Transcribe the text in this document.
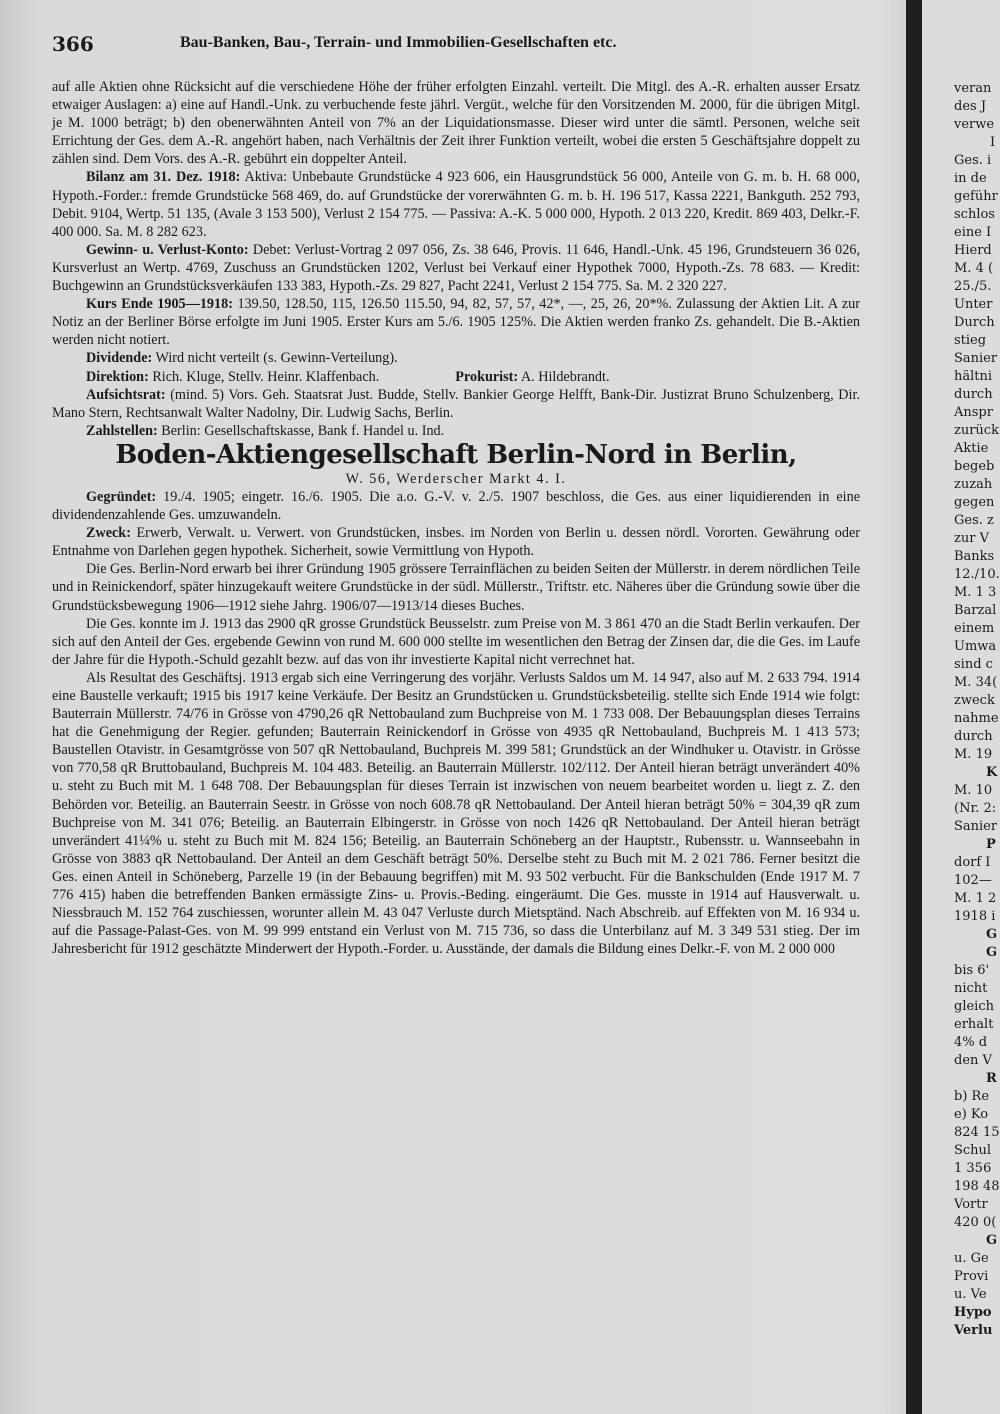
366	Bau-Banken, Bau-, Terrain- und Immobilien-Gesellschaften etc.

auf alle Aktien ohne Rücksicht auf die verschiedene Höhe der früher erfolgten Einzahl. verteilt. Die Mitgl. des A.-R. erhalten ausser Ersatz etwaiger Auslagen: a) eine auf Handl.-Unk. zu verbuchende feste jährl. Vergüt., welche für den Vorsitzenden M. 2000, für die übrigen Mitgl. je M. 1000 beträgt; b) den obenerwähnten Anteil von 7% an der Liquidationsmasse. Dieser wird unter die sämtl. Personen, welche seit Errichtung der Ges. dem A.-R. angehört haben, nach Verhältnis der Zeit ihrer Funktion verteilt, wobei die ersten 5 Geschäftsjahre doppelt zu zählen sind. Dem Vors. des A.-R. gebührt ein doppelter Anteil.

Bilanz am 31. Dez. 1918: Aktiva: Unbebaute Grundstücke 4 923 606, ein Hausgrundstück 56 000, Anteile von G. m. b. H. 68 000, Hypoth.-Forder.: fremde Grundstücke 568 469, do. auf Grundstücke der vorerwähnten G. m. b. H. 196 517, Kassa 2221, Bankguth. 252 793, Debit. 9104, Wertp. 51 135, (Avale 3 153 500), Verlust 2 154 775. — Passiva: A.-K. 5 000 000, Hypoth. 2 013 220, Kredit. 869 403, Delkr.-F. 400 000. Sa. M. 8 282 623.

Gewinn- u. Verlust-Konto: Debet: Verlust-Vortrag 2 097 056, Zs. 38 646, Provis. 11 646, Handl.-Unk. 45 196, Grundsteuern 36 026, Kursverlust an Wertp. 4769, Zuschuss an Grundstücken 1202, Verlust bei Verkauf einer Hypothek 7000, Hypoth.-Zs. 78 683. — Kredit: Buchgewinn an Grundstücksverkäufen 133 383, Hypoth.-Zs. 29 827, Pacht 2241, Verlust 2 154 775. Sa. M. 2 320 227.

Kurs Ende 1905—1918: 139.50, 128.50, 115, 126.50 115.50, 94, 82, 57, 57, 42*, —, 25, 26, 20*%. Zulassung der Aktien Lit. A zur Notiz an der Berliner Börse erfolgte im Juni 1905. Erster Kurs am 5./6. 1905 125%. Die Aktien werden franko Zs. gehandelt. Die B.-Aktien werden nicht notiert.

Dividende: Wird nicht verteilt (s. Gewinn-Verteilung).

Direktion: Rich. Kluge, Stellv. Heinr. Klaffenbach.	Prokurist: A. Hildebrandt.

Aufsichtsrat: (mind. 5) Vors. Geh. Staatsrat Just. Budde, Stellv. Bankier George Helfft, Bank-Dir. Justizrat Bruno Schulzenberg, Dir. Mano Stern, Rechtsanwalt Walter Nadolny, Dir. Ludwig Sachs, Berlin.

Zahlstellen: Berlin: Gesellschaftskasse, Bank f. Handel u. Ind.

Boden-Aktiengesellschaft Berlin-Nord in Berlin,

W. 56, Werderscher Markt 4. I.

Gegründet: 19./4. 1905; eingetr. 16./6. 1905. Die a.o. G.-V. v. 2./5. 1907 beschloss, die Ges. aus einer liquidierenden in eine dividendenzahlende Ges. umzuwandeln.

Zweck: Erwerb, Verwalt. u. Verwert. von Grundstücken, insbes. im Norden von Berlin u. dessen nördl. Vororten. Gewährung oder Entnahme von Darlehen gegen hypothek. Sicherheit, sowie Vermittlung von Hypoth.

Die Ges. Berlin-Nord erwarb bei ihrer Gründung 1905 grössere Terrainflächen zu beiden Seiten der Müllerstr. in derem nördlichen Teile und in Reinickendorf, später hinzugekauft weitere Grundstücke in der südl. Müllerstr., Triftstr. etc. Näheres über die Gründung sowie über die Grundstücksbewegung 1906—1912 siehe Jahrg. 1906/07—1913/14 dieses Buches.

Die Ges. konnte im J. 1913 das 2900 qR grosse Grundstück Beusselstr. zum Preise von M. 3 861 470 an die Stadt Berlin verkaufen. Der sich auf den Anteil der Ges. ergebende Gewinn von rund M. 600 000 stellte im wesentlichen den Betrag der Zinsen dar, die die Ges. im Laufe der Jahre für die Hypoth.-Schuld gezahlt bezw. auf das von ihr investierte Kapital nicht verrechnet hat.

Als Resultat des Geschäftsj. 1913 ergab sich eine Verringerung des vorjähr. Verlusts Saldos um M. 14 947, also auf M. 2 633 794. 1914 eine Baustelle verkauft; 1915 bis 1917 keine Verkäufe. Der Besitz an Grundstücken u. Grundstücksbeteilig. stellte sich Ende 1914 wie folgt: Bauterrain Müllerstr. 74/76 in Grösse von 4790,26 qR Nettobauland zum Buchpreise von M. 1 733 008. Der Bebauungsplan dieses Terrains hat die Genehmigung der Regier. gefunden; Bauterrain Reinickendorf in Grösse von 4935 qR Nettobauland, Buchpreis M. 1 413 573; Baustellen Otavistr. in Gesamtgrösse von 507 qR Nettobauland, Buchpreis M. 399 581; Grundstück an der Windhuker u. Otavistr. in Grösse von 770,58 qR Bruttobauland, Buchpreis M. 104 483. Beteilig. an Bauterrain Müllerstr. 102/112. Der Anteil hieran beträgt unverändert 40% u. steht zu Buch mit M. 1 648 708. Der Bebauungsplan für dieses Terrain ist inzwischen von neuem bearbeitet worden u. liegt z. Z. den Behörden vor. Beteilig. an Bauterrain Seestr. in Grösse von noch 608.78 qR Nettobauland. Der Anteil hieran beträgt 50% = 304,39 qR zum Buchpreise von M. 341 076; Beteilig. an Bauterrain Elbingerstr. in Grösse von noch 1426 qR Nettobauland. Der Anteil hieran beträgt unverändert 41¼% u. steht zu Buch mit M. 824 156; Beteilig. an Bauterrain Schöneberg an der Hauptstr., Rubensstr. u. Wannseebahn in Grösse von 3883 qR Nettobauland. Der Anteil an dem Geschäft beträgt 50%. Derselbe steht zu Buch mit M. 2 021 786. Ferner besitzt die Ges. einen Anteil in Schöneberg, Parzelle 19 (in der Bebauung begriffen) mit M. 93 502 verbucht. Für die Bankschulden (Ende 1917 M. 7 776 415) haben die betreffenden Banken ermässigte Zins- u. Provis.-Beding. eingeräumt. Die Ges. musste in 1914 auf Hausverwalt. u. Niessbrauch M. 152 764 zuschiessen, worunter allein M. 43 047 Verluste durch Mietsptänd. Nach Abschreib. auf Effekten von M. 16 934 u. auf die Passage-Palast-Ges. von M. 99 999 entstand ein Verlust von M. 715 736, so dass die Unterbilanz auf M. 3 349 531 stieg. Der im Jahresbericht für 1912 geschätzte Minderwert der Hypoth.-Forder. u. Ausstände, der damals die Bildung eines Delkr.-F. von M. 2 000 000

veran
des J
verwe
I
Ges. i
in de
geführ
schlos
eine I
Hierd
M. 4 (
25./5.
Unter
Durch
stieg
Sanier
hältni
durch
Anspr
zurück
Aktie
begeb
zuzah
gegen
Ges. z
zur V
Banks
12./10.
M. 1 3
Barzal
einem
Umwa
sind c
M. 34(
zweck
nahme
durch
M. 19
K
M. 10
(Nr. 2:
Sanier
P
dorf I
102—
M. 1 2
1918 i
G
G
bis 6'
nicht
gleich
erhalt
4% d
den V
R
b) Re
e) Ko
824 15
Schul
1 356
198 48
Vortr
420 0(
G
u. Ge
Provi
u. Ve
Hypo
Verlu
